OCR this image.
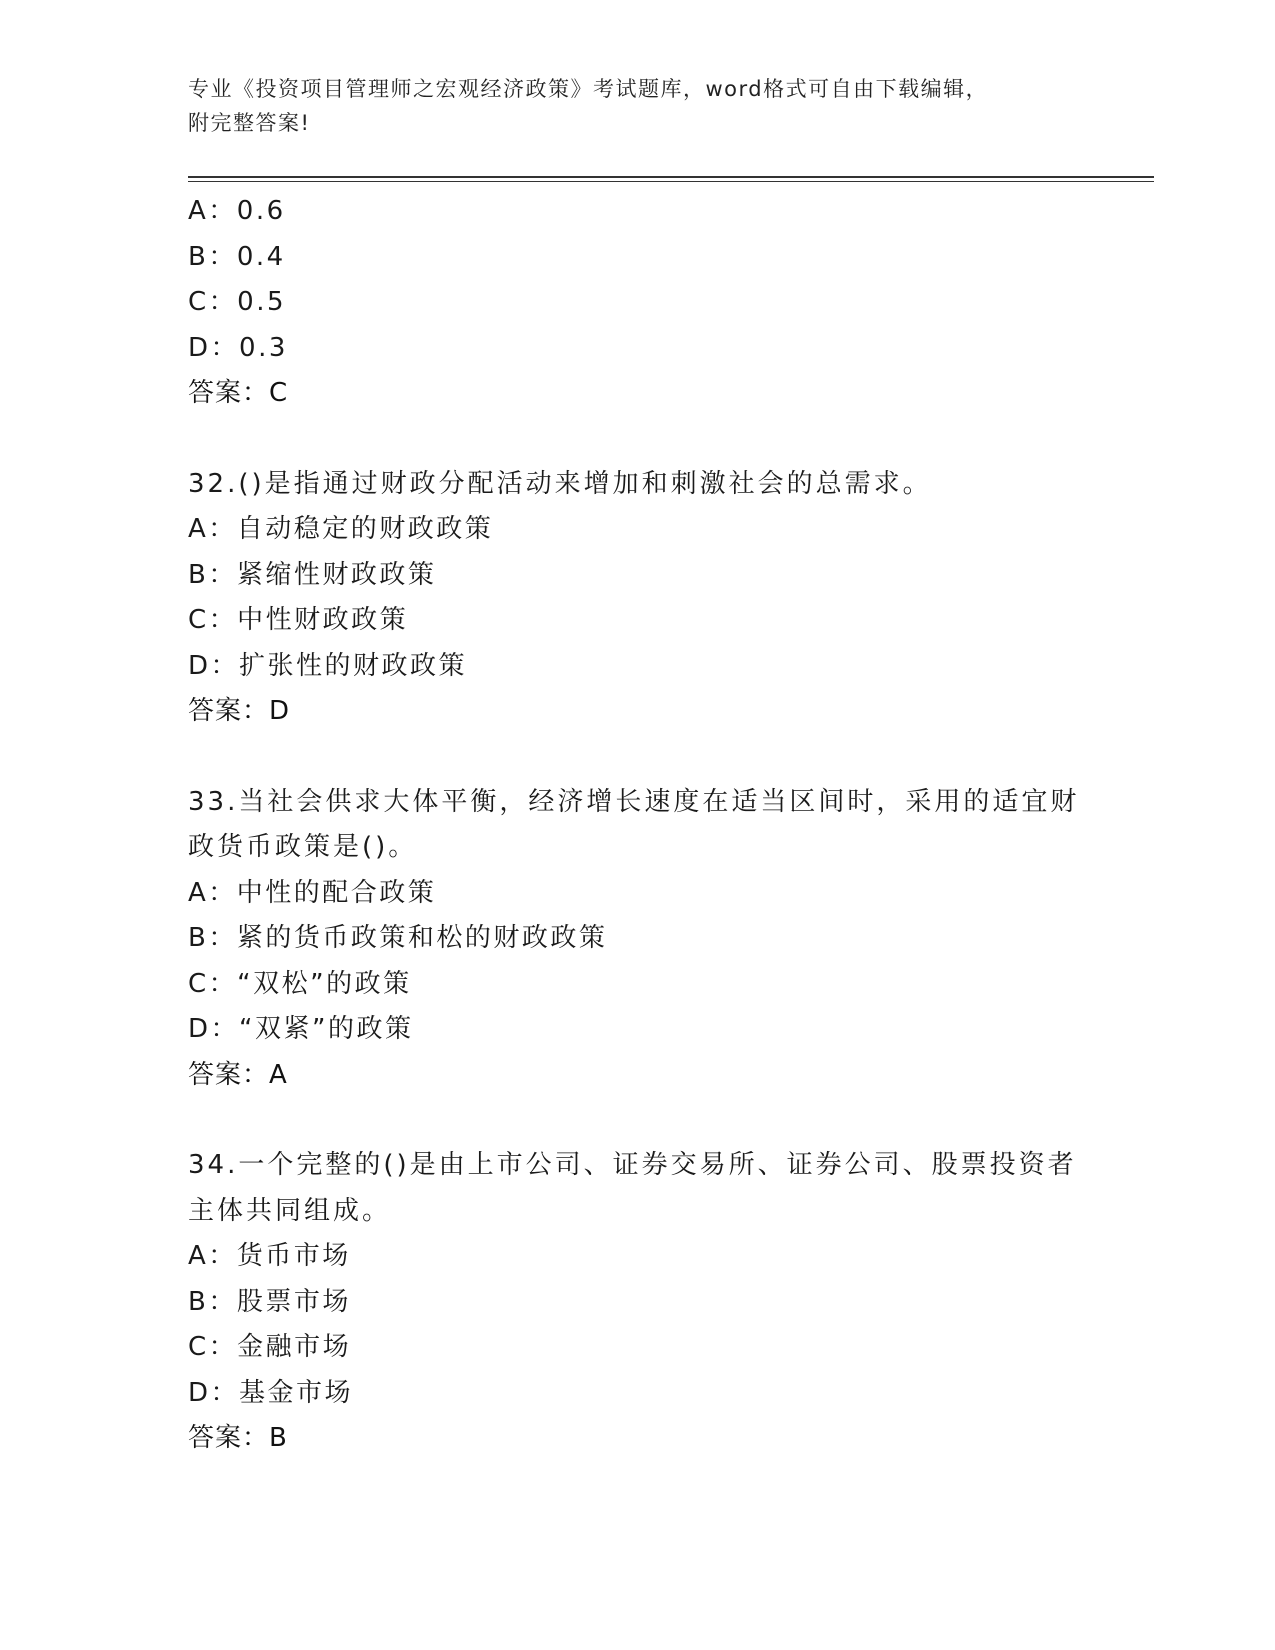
专业《投资项目管理师之宏观经济政策》考试题库，word格式可自由下载编辑，
附完整答案!
A：0.6
B：0.4
C：0.5
D：0.3
答案：C
32.()是指通过财政分配活动来增加和刺激社会的总需求。
A：自动稳定的财政政策
B：紧缩性财政政策
C：中性财政政策
D：扩张性的财政政策
答案：D
33.当社会供求大体平衡，经济增长速度在适当区间时，采用的适宜财
政货币政策是()。
A：中性的配合政策
B：紧的货币政策和松的财政政策
C：“双松”的政策
D：“双紧”的政策
答案：A
34.一个完整的()是由上市公司、证券交易所、证券公司、股票投资者
主体共同组成。
A：货币市场
B：股票市场
C：金融市场
D：基金市场
答案：B
